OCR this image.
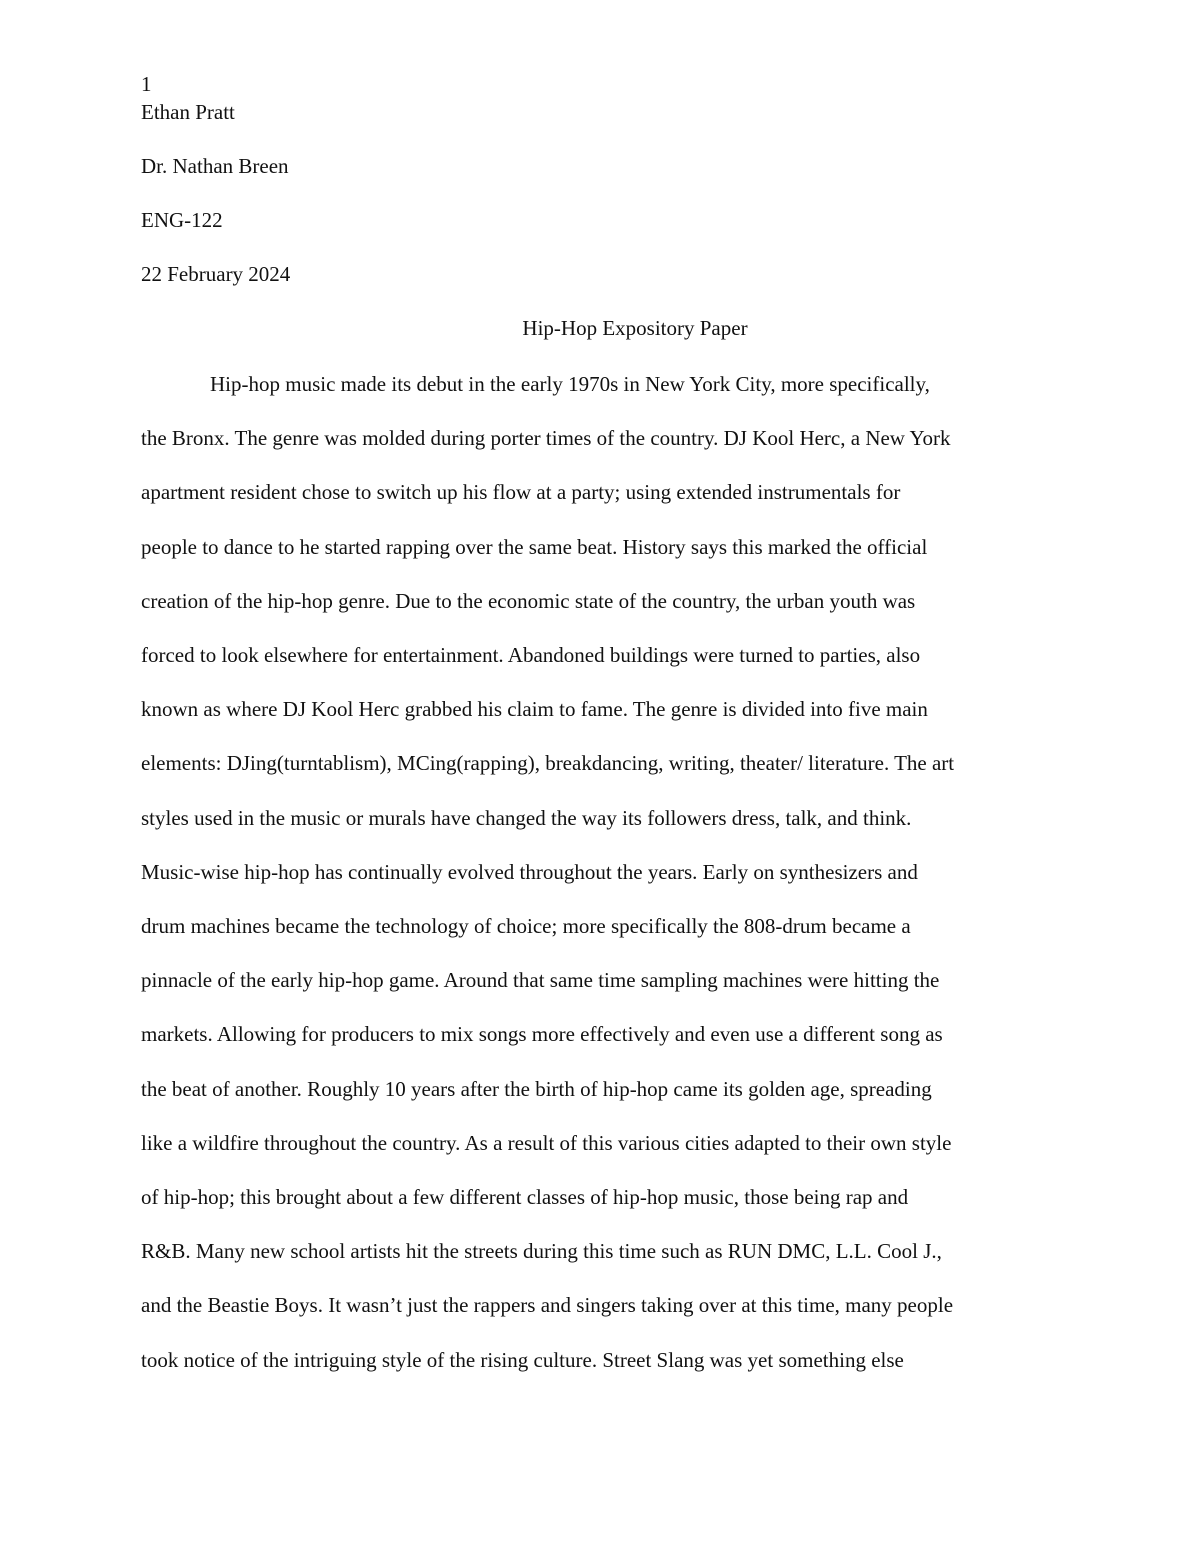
1

Ethan Pratt

Dr. Nathan Breen

ENG-122

22 February 2024

Hip-Hop Expository Paper

Hip-hop music made its debut in the early 1970s in New York City, more specifically,

the Bronx. The genre was molded during porter times of the country. DJ Kool Herc, a New York

apartment resident chose to switch up his flow at a party; using extended instrumentals for

people to dance to he started rapping over the same beat. History says this marked the official

creation of the hip-hop genre. Due to the economic state of the country, the urban youth was

forced to look elsewhere for entertainment. Abandoned buildings were turned to parties, also

known as where DJ Kool Herc grabbed his claim to fame. The genre is divided into five main

elements: DJing(turntablism), MCing(rapping), breakdancing, writing, theater/ literature. The art

styles used in the music or murals have changed the way its followers dress, talk, and think.

Music-wise hip-hop has continually evolved throughout the years. Early on synthesizers and

drum machines became the technology of choice; more specifically the 808-drum became a

pinnacle of the early hip-hop game. Around that same time sampling machines were hitting the

markets. Allowing for producers to mix songs more effectively and even use a different song as

the beat of another. Roughly 10 years after the birth of hip-hop came its golden age, spreading

like a wildfire throughout the country. As a result of this various cities adapted to their own style

of hip-hop; this brought about a few different classes of hip-hop music, those being rap and

R&B. Many new school artists hit the streets during this time such as RUN DMC, L.L. Cool J.,

and the Beastie Boys. It wasn’t just the rappers and singers taking over at this time, many people

took notice of the intriguing style of the rising culture. Street Slang was yet something else
